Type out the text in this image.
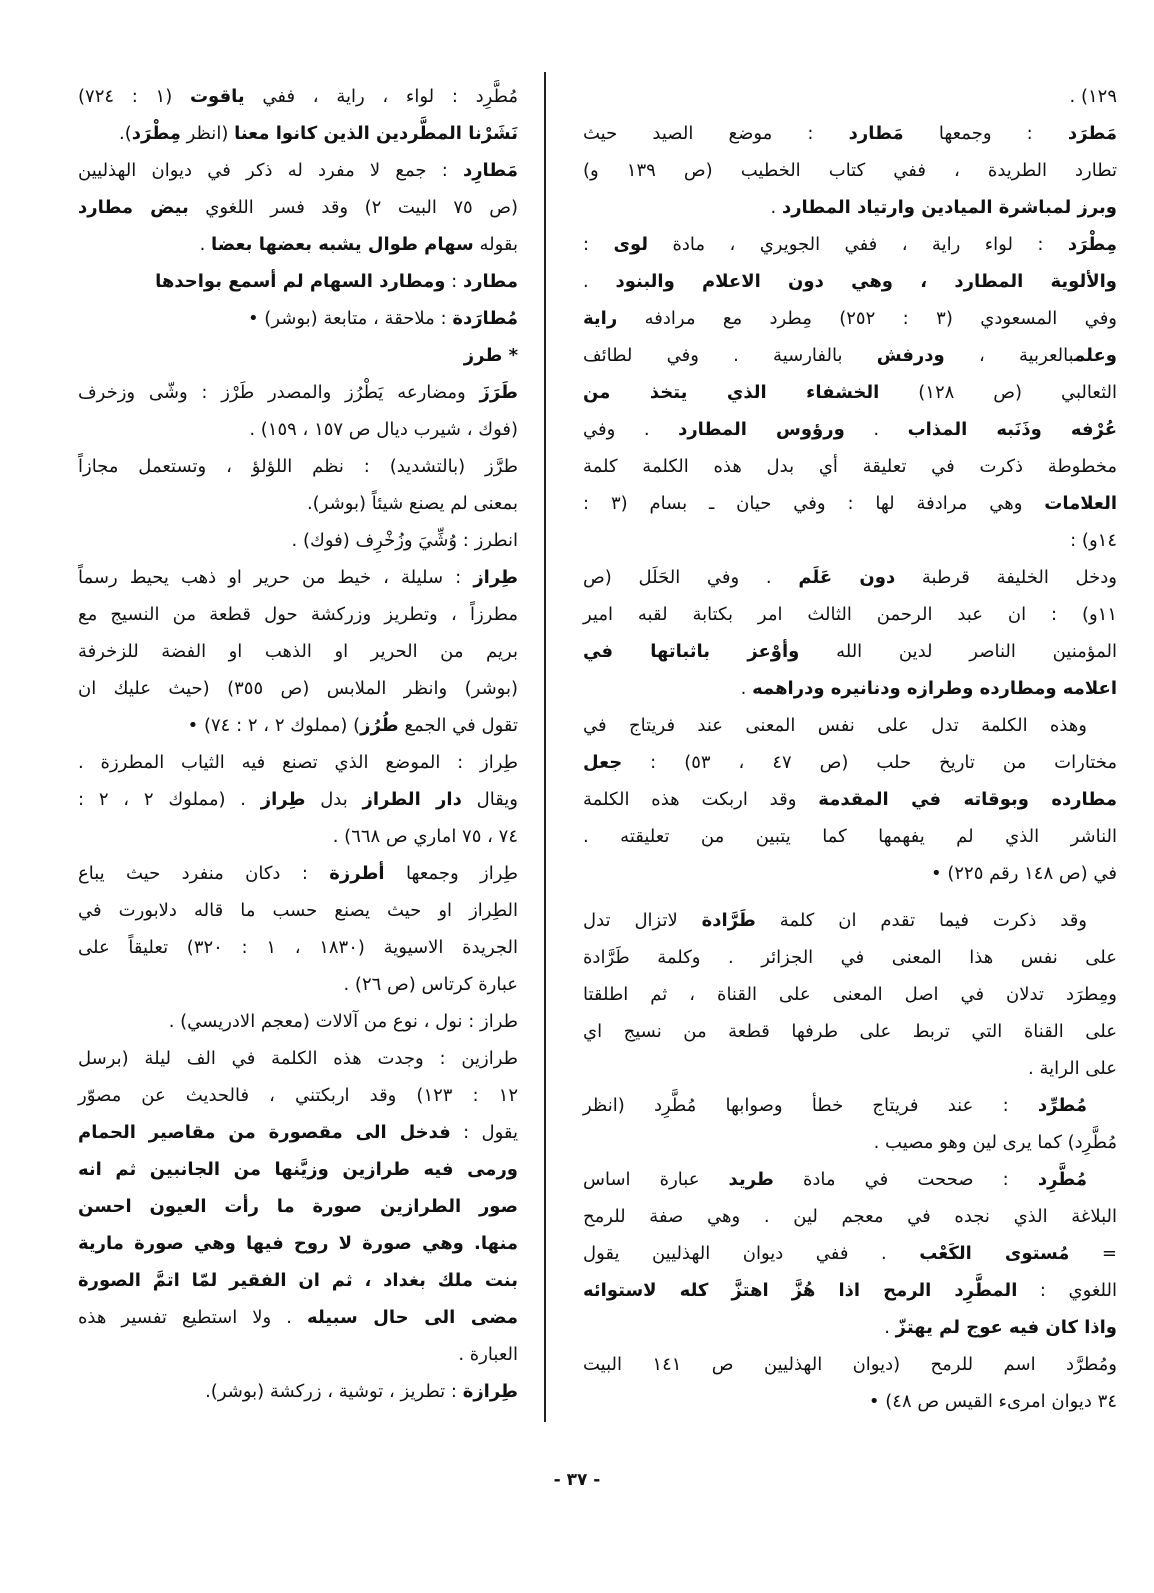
١٢٩) .
مَطرَد : وجمعها مَطارد : موضع الصيد حيث
تطارد الطريدة ، ففي كتاب الخطيب (ص ١٣٩ و)
وبرز لمباشرة الميادين وارتياد المطارد .
مِطْرَد : لواء راية ، ففي الجويري ، مادة لوى :
والألوية المطارد ، وهي دون الاعلام والبنود .
وفي المسعودي (٣ : ٢٥٢) مِطرد مع مرادفه راية
وعلمبالعربية ، ودرفش بالفارسية . وفي لطائف
الثعالبي (ص ١٢٨) الخشفاء الذي يتخذ من
عُرْفه وذَنَبه المذاب . ورؤوس المطارد . وفي
مخطوطة ذكرت في تعليقة أي بدل هذه الكلمة كلمة
العلامات وهي مرادفة لها : وفي حيان ـ بسام (٣ :
١٤و) :
ودخل الخليفة قرطبة دون عَلَم . وفي الحَلَل (ص
١١و) : ان عبد الرحمن الثالث امر بكتابة لقبه امير
المؤمنين الناصر لدين الله وأوْعز باثباتها في
اعلامه ومطارده وطرازه ودنانيره ودراهمه .
وهذه الكلمة تدل على نفس المعنى عند فريتاج في
مختارات من تاريخ حلب (ص ٤٧ ، ٥٣) : جعل
مطارده وبوقاته في المقدمة وقد اربكت هذه الكلمة
الناشر الذي لم يفهمها كما يتبين من تعليقته .
في (ص ١٤٨ رقم ٢٢٥) •
وقد ذكرت فيما تقدم ان كلمة طَرَّادة لاتزال تدل
على نفس هذا المعنى في الجزائر . وكلمة طَرَّادة
ومِطرَد تدلان في اصل المعنى على القناة ، ثم اطلقتا
على القناة التي تربط على طرفها قطعة من نسيج اي
على الراية .
مُطرِّد : عند فريتاج خطأ وصوابها مُطَّرِد (انظر
مُطَّرِد) كما يرى لين وهو مصيب .
مُطَّرِد : صححت في مادة طريد عبارة اساس
البلاغة الذي نجده في معجم لين . وهي صفة للرمح
= مُستوى الكَعْب . ففي ديوان الهذليين يقول
اللغوي : المطَّرِد الرمح اذا هُزَّ اهتزَّ كله لاستوائه
واذا كان فيه عوج لم يهتزّ .
ومُطرَّد اسم للرمح (ديوان الهذليين ص ١٤١ البيت
٣٤ ديوان امرىء القيس ص ٤٨) •
مُطَّرِد : لواء ، راية ، ففي ياقوت (١ : ٧٢٤)
نَشَرْنا المطَّردين الذين كانوا معنا (انظر مِطْرَد).
مَطارِد : جمع لا مفرد له ذكر في ديوان الهذليين
(ص ٧٥ البيت ٢) وقد فسر اللغوي بيض مطارد
بقوله سهام طوال يشبه بعضها بعضا .
مطارد : ومطارد السهام لم أسمع بواحدها
مُطارَدة : ملاحقة ، متابعة (بوشر) •
* طرز
طَرَزَ ومضارعه يَطْرُز والمصدر طَرْز : وشّى وزخرف
(فوك ، شيرب ديال ص ١٥٧ ، ١٥٩) .
طرَّز (بالتشديد) : نظم اللؤلؤ ، وتستعمل مجازاً
بمعنى لم يصنع شيئاً (بوشر).
انطرز : وُشِّيَ وزُخْرِف (فوك) .
طِراز : سليلة ، خيط من حرير او ذهب يحيط رسماً
مطرزاً ، وتطريز وزركشة حول قطعة من النسيج مع
بريم من الحرير او الذهب او الفضة للزخرفة
(بوشر) وانظر الملابس (ص ٣٥٥) (حيث عليك ان
تقول في الجمع طُرُز) (مملوك ٢ ، ٢ : ٧٤) •
طِراز : الموضع الذي تصنع فيه الثياب المطرزة .
ويقال دار الطراز بدل طِراز . (مملوك ٢ ، ٢ :
٧٤ ، ٧٥ اماري ص ٦٦٨) .
طِراز وجمعها أطرزة : دكان منفرد حيث يباع
الطِراز او حيث يصنع حسب ما قاله دلابورت في
الجريدة الاسيوية (١٨٣٠ ، ١ : ٣٢٠) تعليقاً على
عبارة كرتاس (ص ٢٦) .
طراز : نول ، نوع من آلالات (معجم الادريسي) .
طرازين : وجدت هذه الكلمة في الف ليلة (برسل
١٢ : ١٢٣) وقد اربكتني ، فالحديث عن مصوّر
يقول : فدخل الى مقصورة من مقاصير الحمام
ورمى فيه طرازين وزيَّنها من الجانبين ثم انه
صور الطرازين صورة ما رأت العيون احسن
منها. وهي صورة لا روح فيها وهي صورة مارية
بنت ملك بغداد ، ثم ان الفقير لمّا اتمَّ الصورة
مضى الى حال سبيله . ولا استطيع تفسير هذه
العبارة .
طِرازة : تطريز ، توشية ، زركشة (بوشر).
- ٣٧ -
